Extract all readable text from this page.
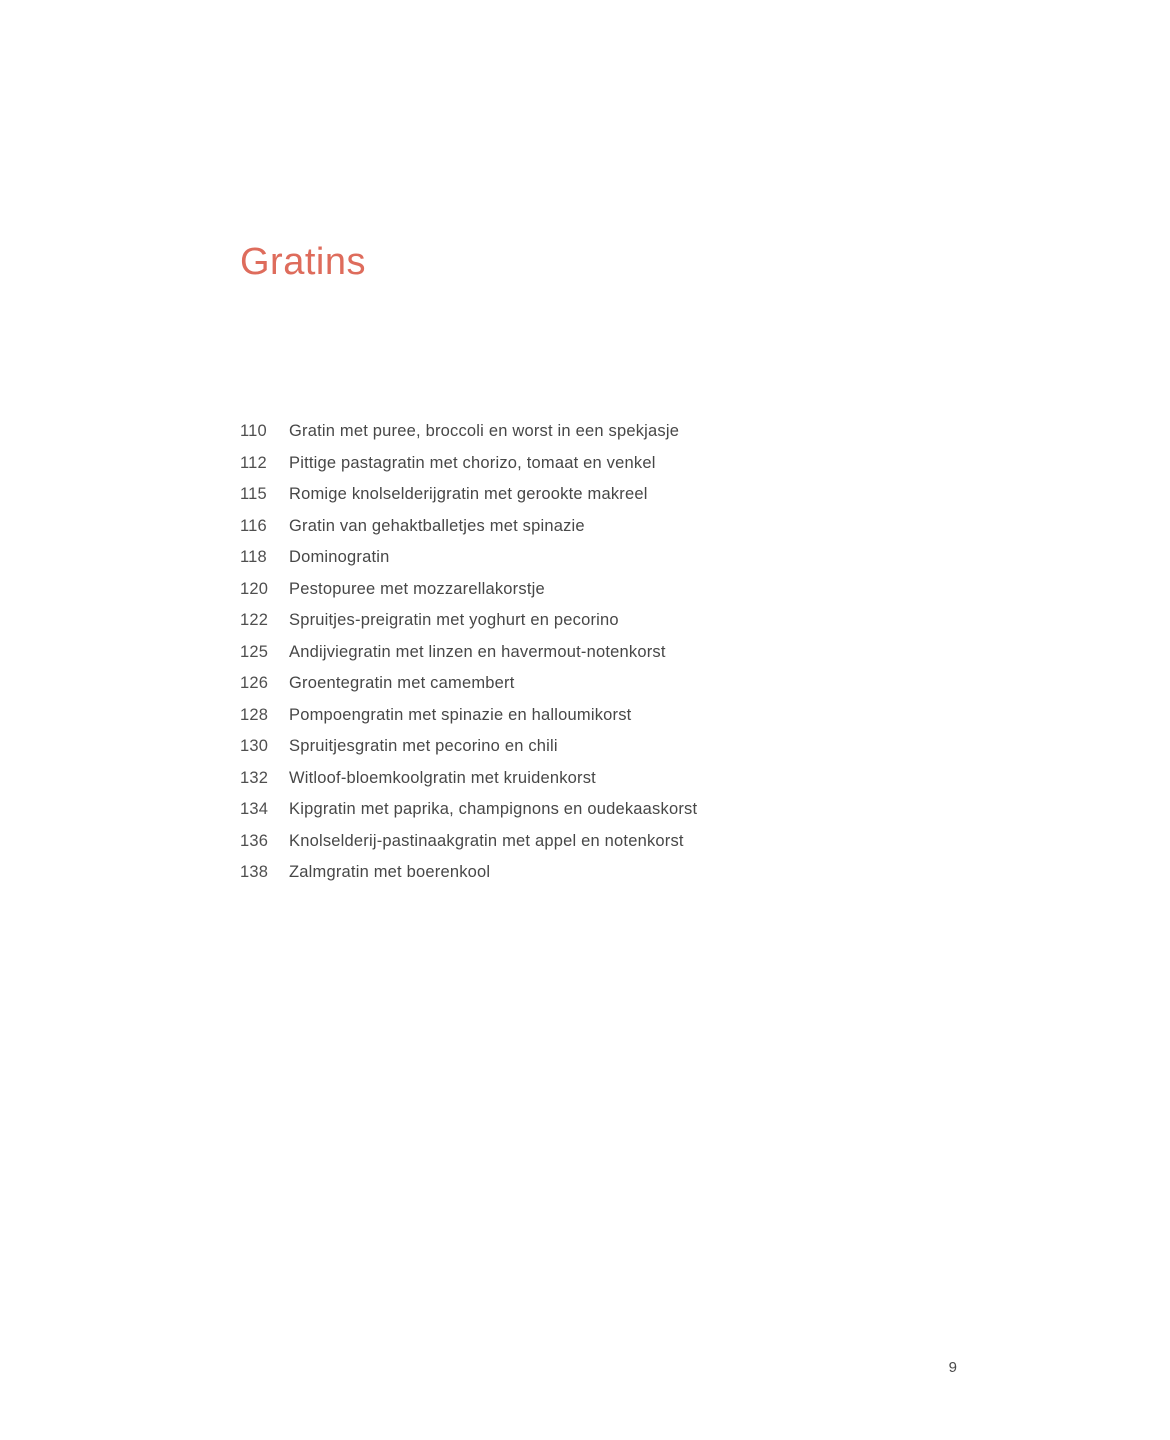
Gratins
110	Gratin met puree, broccoli en worst in een spekjasje
112	Pittige pastagratin met chorizo, tomaat en venkel
115	Romige knolselderijgratin met gerookte makreel
116	Gratin van gehaktballetjes met spinazie
118	Dominogratin
120	Pestopuree met mozzarellakorstje
122	Spruitjes-preigratin met yoghurt en pecorino
125	Andijviegratin met linzen en havermout-notenkorst
126	Groentegratin met camembert
128	Pompoengratin met spinazie en halloumikorst
130	Spruitjesgratin met pecorino en chili
132	Witloof-bloemkoolgratin met kruidenkorst
134	Kipgratin met paprika, champignons en oudekaaskorst
136	Knolselderij-pastinaakgratin met appel en notenkorst
138	Zalmgratin met boerenkool
9
